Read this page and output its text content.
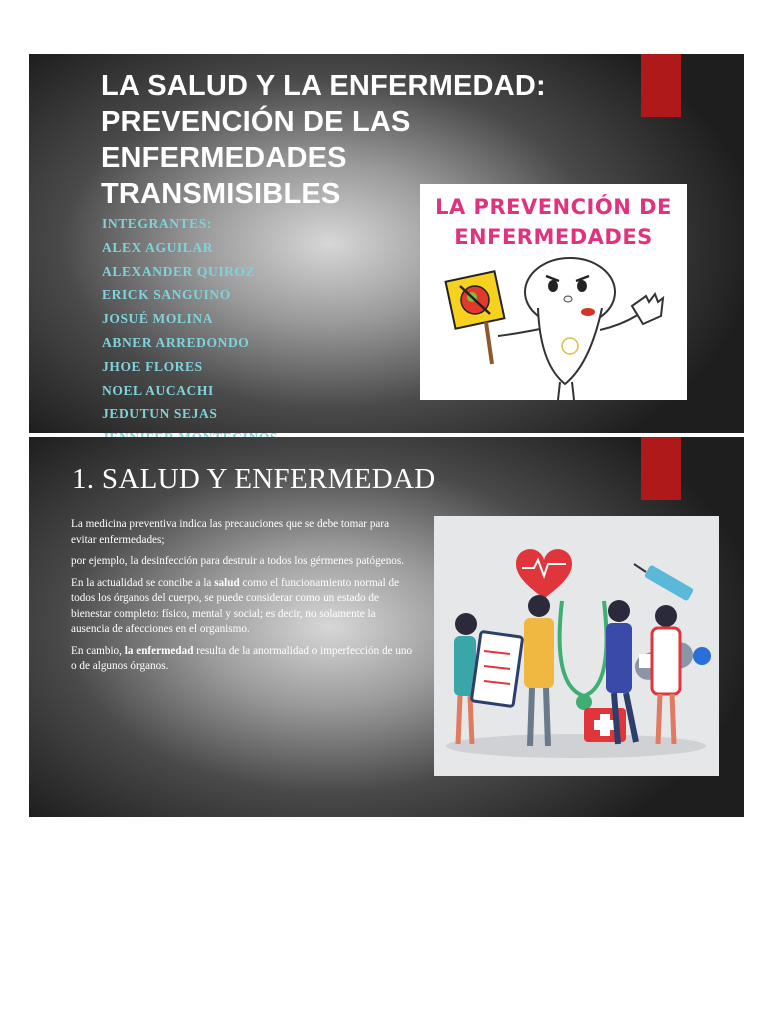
LA SALUD Y LA ENFERMEDAD:
PREVENCIÓN DE LAS
ENFERMEDADES
TRANSMISIBLES
INTEGRANTES:
ALEX AGUILAR
ALEXANDER QUIROZ
ERICK SANGUINO
JOSUÉ MOLINA
ABNER ARREDONDO
JHOE FLORES
NOEL AUCACHI
JEDUTUN SEJAS
LA PREVENCIÓN DE
ENFERMEDADES
1. SALUD Y ENFERMEDAD

La medicina preventiva indica las precauciones que se debe tomar para evitar enfermedades;

por ejemplo, la desinfección para destruir a todos los gérmenes patógenos.

En la actualidad se concibe a la salud como el funcionamiento normal de todos los órganos del cuerpo, se puede considerar como un estado de bienestar completo: físico, mental y social; es decir, no solamente la ausencia de afecciones en el organismo.

En cambio, la enfermedad resulta de la anormalidad o imperfección de uno o de algunos órganos.
